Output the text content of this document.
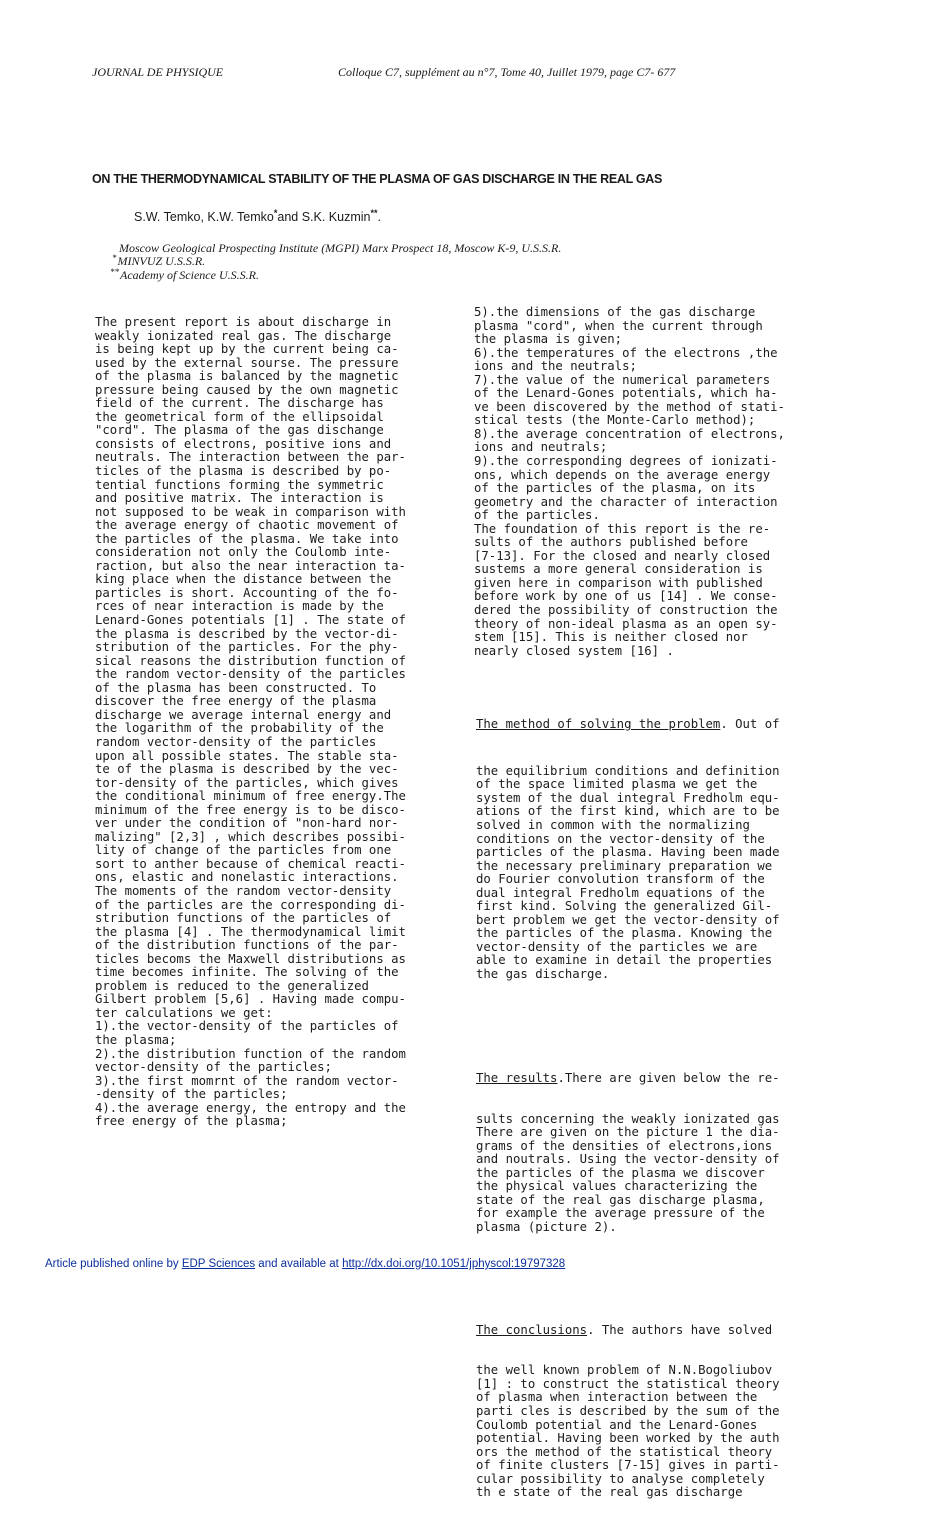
JOURNAL DE PHYSIQUE	Colloque C7, supplément au n°7, Tome 40, Juillet 1979, page C7- 677
ON THE THERMODYNAMICAL STABILITY OF THE PLASMA OF GAS DISCHARGE IN THE REAL GAS
S.W. Temko, K.W. Temko*and S.K. Kuzmin**.
Moscow Geological Prospecting Institute (MGPI) Marx Prospect 18, Moscow K-9, U.S.S.R.
*MINVUZ U.S.S.R.
**Academy of Science U.S.S.R.
The present report is about discharge in
weakly ionizated real gas. The discharge
is being kept up by the current being ca-
used by the external sourse. The pressure
of the plasma is balanced by the magnetic
pressure being caused by the own magnetic
field of the current. The discharge has
the geometrical form of the ellipsoidal
"cord". The plasma of the gas dischange
consists of electrons, positive ions and
neutrals. The interaction between the par-
ticles of the plasma is described by po-
tential functions forming the symmetric
and positive matrix. The interaction is
not supposed to be weak in comparison with
the average energy of chaotic movement of
the particles of the plasma. We take into
consideration not only the Coulomb inte-
raction, but also the near interaction ta-
king place when the distance between the
particles is short. Accounting of the fo-
rces of near interaction is made by the
Lenard-Gones potentials [1] . The state of
the plasma is described by the vector-di-
stribution of the particles. For the phy-
sical reasons the distribution function of
the random vector-density of the particles
of the plasma has been constructed. To
discover the free energy of the plasma
discharge we average internal energy and
the logarithm of the probability of the
random vector-density of the particles
upon all possible states. The stable sta-
te of the plasma is described by the vec-
tor-density of the particles, which gives
the conditional minimum of free energy.The
minimum of the free energy is to be disco-
ver under the condition of "non-hard nor-
malizing" [2,3] , which describes possibi-
lity of change of the particles from one
sort to anther because of chemical reacti-
ons, elastic and nonelastic interactions.
The moments of the random vector-density
of the particles are the corresponding di-
stribution functions of the particles of
the plasma [4] . The thermodynamical limit
of the distribution functions of the par-
ticles becoms the Maxwell distributions as
time becomes infinite. The solving of the
problem is reduced to the generalized
Gilbert problem [5,6] . Having made compu-
ter calculations we get:
1).the vector-density of the particles of
the plasma;
2).the distribution function of the random
vector-density of the particles;
3).the first momrnt of the random vector-
-density of the particles;
4).the average energy, the entropy and the
free energy of the plasma;
5).the dimensions of the gas discharge
plasma "cord", when the current through
the plasma is given;
6).the temperatures of the electrons ,the
ions and the neutrals;
7).the value of the numerical parameters
of the Lenard-Gones potentials, which ha-
ve been discovered by the method of stati-
stical tests (the Monte-Carlo method);
8).the average concentration of electrons,
ions and neutrals;
9).the corresponding degrees of ionizati-
ons, which depends on the average energy
of the particles of the plasma, on its
geometry and the character of interaction
of the particles.
The foundation of this report is the re-
sults of the authors published before
[7-13]. For the closed and nearly closed
sustems a more general consideration is
given here in comparison with published
before work by one of us [14] . We conse-
dered the possibility of construction the
theory of non-ideal plasma as an open sy-
stem [15]. This is neither closed nor
nearly closed system [16] .

The method of solving the problem. Out of

the equilibrium conditions and definition
of the space limited plasma we get the
system of the dual integral Fredholm equ-
ations of the first kind, which are to be
solved in common with the normalizing
conditions on the vector-density of the
particles of the plasma. Having been made
the necessary preliminary preparation we
do Fourier convolution transform of the
dual integral Fredholm equations of the
first kind. Solving the generalized Gil-
bert problem we get the vector-density of
the particles of the plasma. Knowing the
vector-density of the particles we are
able to examine in detail the properties
the gas discharge.

The results.There are given below the re-

sults concerning the weakly ionizated gas
There are given on the picture 1 the dia-
grams of the densities of electrons,ions
and noutrals. Using the vector-density of
the particles of the plasma we discover
the physical values characterizing the
state of the real gas discharge plasma,
for example the average pressure of the
plasma (picture 2).

The conclusions. The authors have solved

the well known problem of N.N.Bogoliubov
[1] : to construct the statistical theory
of plasma when interaction between the
parti cles is described by the sum of the
Coulomb potential and the Lenard-Gones
potential. Having been worked by the auth
ors the method of the statistical theory
of finite clusters [7-15] gives in parti-
cular possibility to analyse completely
th e state of the real gas discharge

Article published online by EDP Sciences and available at http://dx.doi.org/10.1051/jphyscol:19797328
